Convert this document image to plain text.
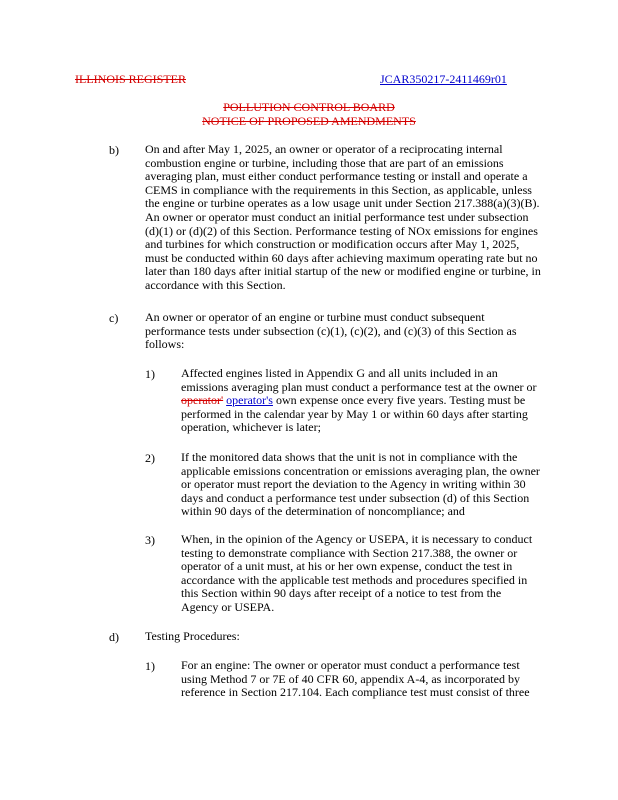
ILLINOIS REGISTER	JCAR350217-2411469r01
POLLUTION CONTROL BOARD
NOTICE OF PROPOSED AMENDMENTS
b) On and after May 1, 2025, an owner or operator of a reciprocating internal
combustion engine or turbine, including those that are part of an emissions
averaging plan, must either conduct performance testing or install and operate a
CEMS in compliance with the requirements in this Section, as applicable, unless
the engine or turbine operates as a low usage unit under Section 217.388(a)(3)(B).
An owner or operator must conduct an initial performance test under subsection
(d)(1) or (d)(2) of this Section. Performance testing of NOx emissions for engines
and turbines for which construction or modification occurs after May 1, 2025,
must be conducted within 60 days after achieving maximum operating rate but no
later than 180 days after initial startup of the new or modified engine or turbine, in
accordance with this Section.
c) An owner or operator of an engine or turbine must conduct subsequent
performance tests under subsection (c)(1), (c)(2), and (c)(3) of this Section as
follows:
1) Affected engines listed in Appendix G and all units included in an
emissions averaging plan must conduct a performance test at the owner or
operator' operator's own expense once every five years. Testing must be
performed in the calendar year by May 1 or within 60 days after starting
operation, whichever is later;
2) If the monitored data shows that the unit is not in compliance with the
applicable emissions concentration or emissions averaging plan, the owner
or operator must report the deviation to the Agency in writing within 30
days and conduct a performance test under subsection (d) of this Section
within 90 days of the determination of noncompliance; and
3) When, in the opinion of the Agency or USEPA, it is necessary to conduct
testing to demonstrate compliance with Section 217.388, the owner or
operator of a unit must, at his or her own expense, conduct the test in
accordance with the applicable test methods and procedures specified in
this Section within 90 days after receipt of a notice to test from the
Agency or USEPA.
d) Testing Procedures:
1) For an engine: The owner or operator must conduct a performance test
using Method 7 or 7E of 40 CFR 60, appendix A-4, as incorporated by
reference in Section 217.104. Each compliance test must consist of three
